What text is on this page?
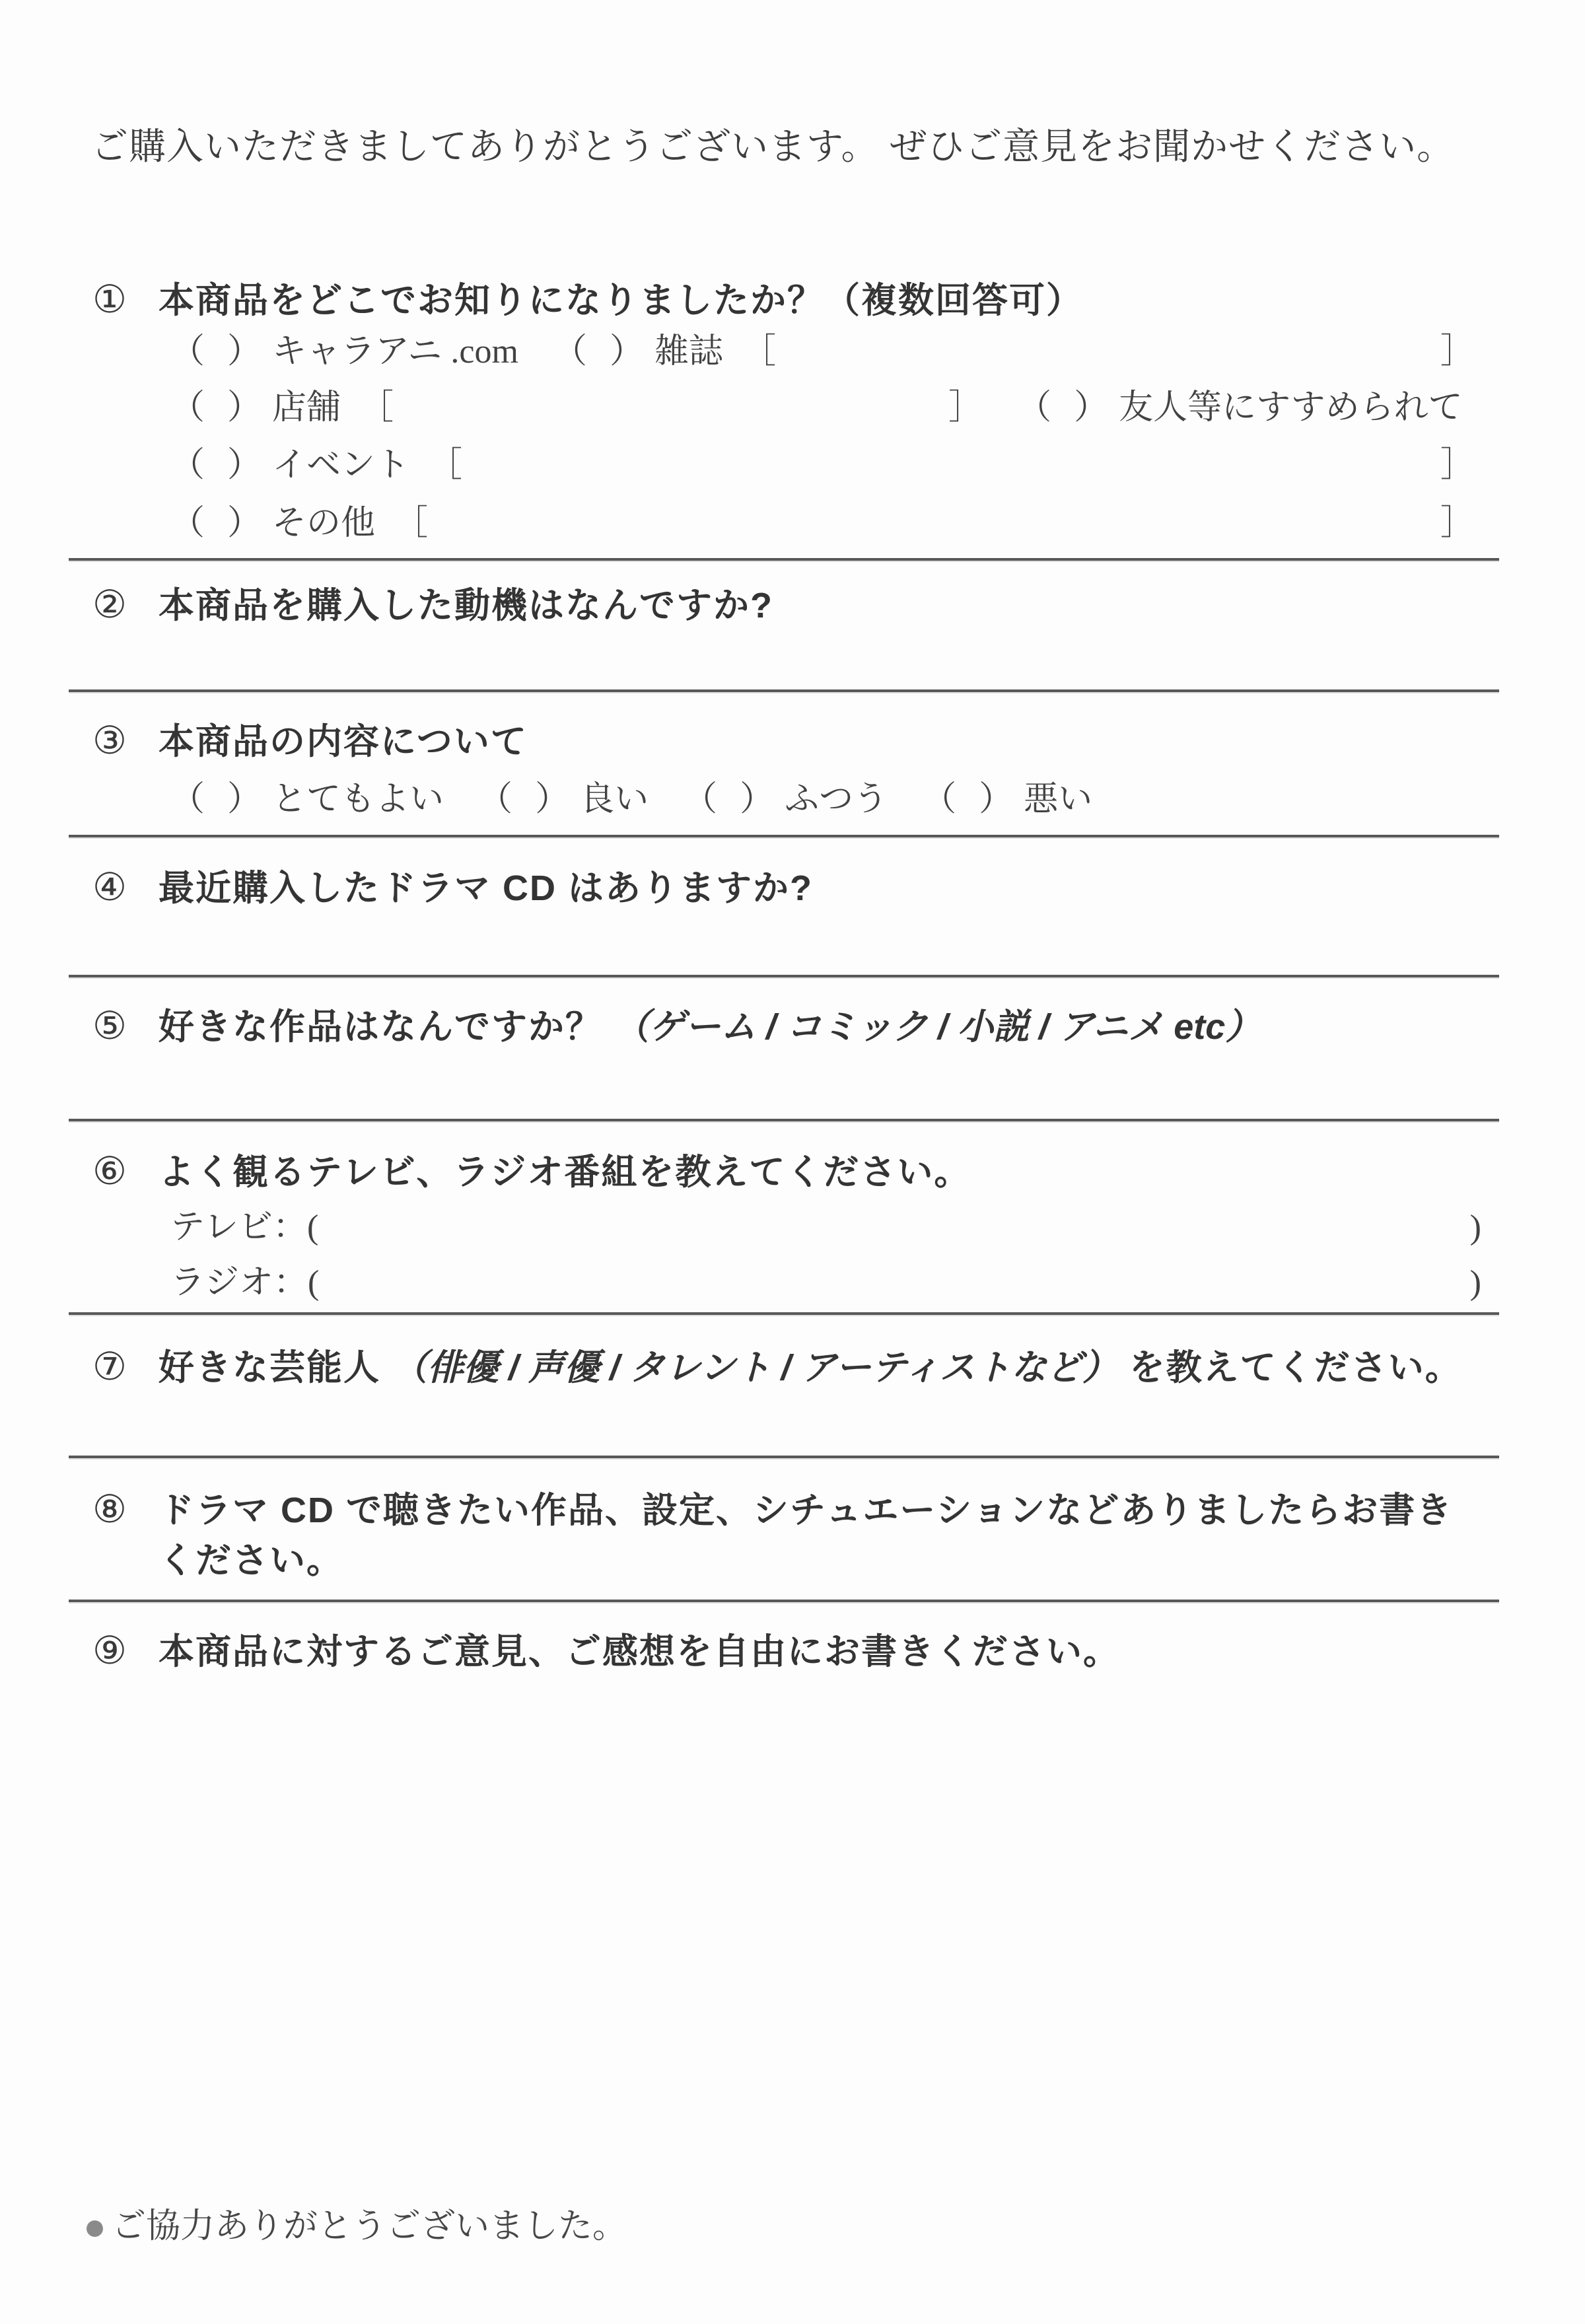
ご購入いただきましてありがとうございます。 ぜひご意見をお聞かせください。

① 本商品をどこでお知りになりましたか？（複数回答可）
（ ） キャラアニ .com （ ） 雑誌 ［	］
（ ） 店舗 ［	］ （ ） 友人等にすすめられて
（ ） イベント ［	］
（ ） その他 ［	］
② 本商品を購入した動機はなんですか?
③ 本商品の内容について
（ ） とてもよい （ ） 良い （ ） ふつう （ ） 悪い
④ 最近購入したドラマ CD はありますか?
⑤ 好きな作品はなんですか？ （ゲーム / コミック / 小説 / アニメ etc）
⑥ よく観るテレビ、ラジオ番組を教えてください。
テレビ： (	)
ラジオ： (	)
⑦ 好きな芸能人 （俳優 / 声優 / タレント / アーティストなど） を教えてください。
⑧ ドラマ CD で聴きたい作品、設定、シチュエーションなどありましたらお書きください。
⑨ 本商品に対するご意見、ご感想を自由にお書きください。
● ご協力ありがとうございました。
